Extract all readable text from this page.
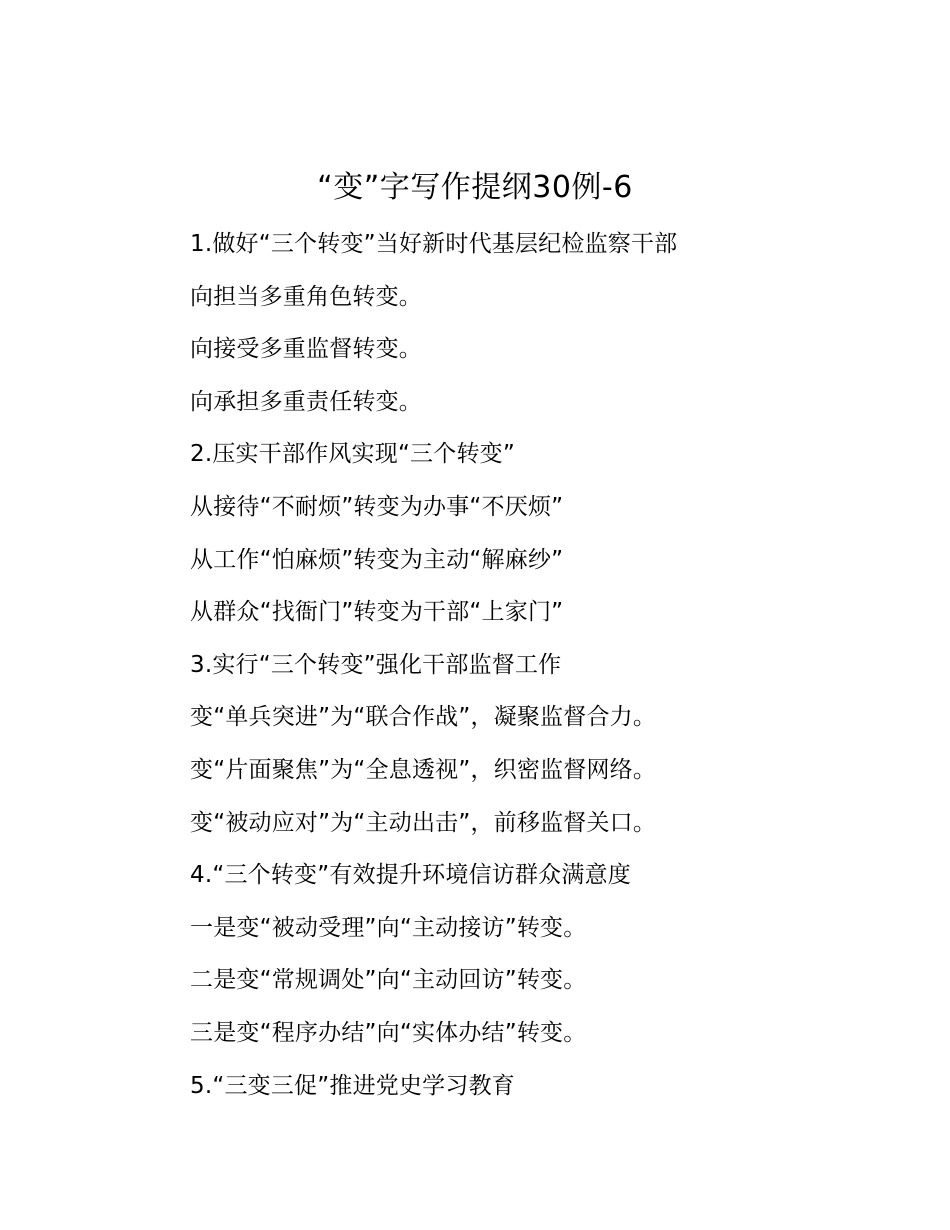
“变”字写作提纲30例-6
1.做好“三个转变”当好新时代基层纪检监察干部
向担当多重角色转变。
向接受多重监督转变。
向承担多重责任转变。
2.压实干部作风实现“三个转变”
从接待“不耐烦”转变为办事“不厌烦”
从工作“怕麻烦”转变为主动“解麻纱”
从群众“找衙门”转变为干部“上家门”
3.实行“三个转变”强化干部监督工作
变“单兵突进”为“联合作战”，凝聚监督合力。
变“片面聚焦”为“全息透视”，织密监督网络。
变“被动应对”为“主动出击”，前移监督关口。
4.“三个转变”有效提升环境信访群众满意度
一是变“被动受理”向“主动接访”转变。
二是变“常规调处”向“主动回访”转变。
三是变“程序办结”向“实体办结”转变。
5.“三变三促”推进党史学习教育
